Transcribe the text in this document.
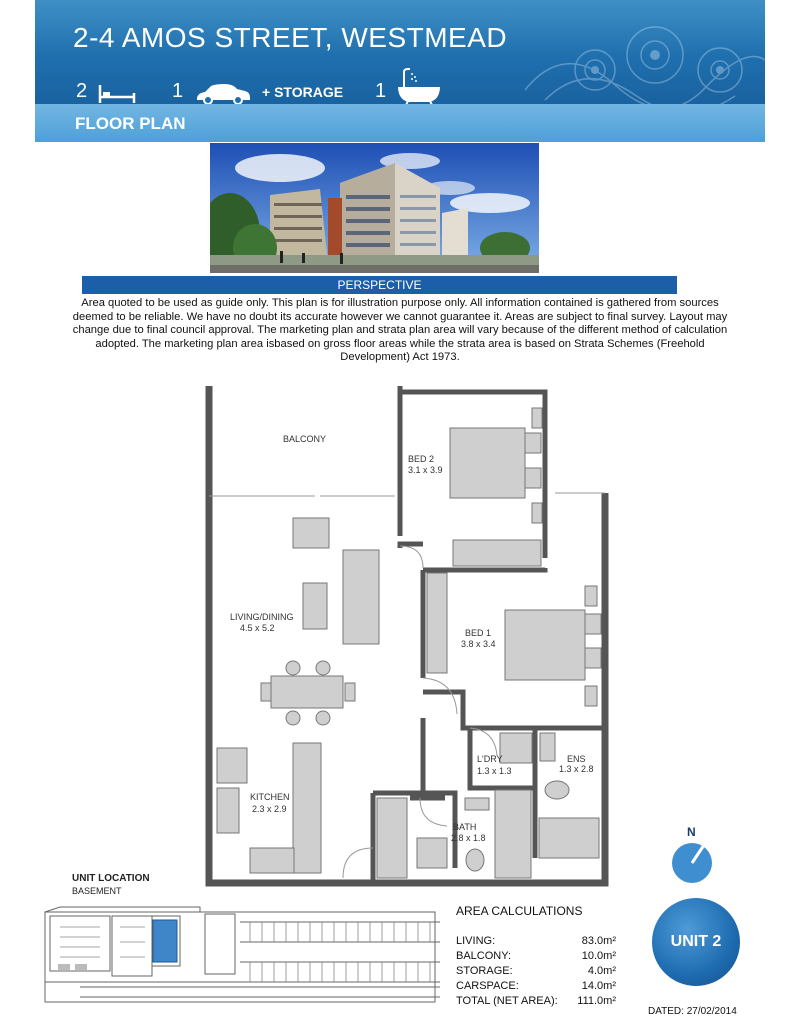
2-4 AMOS STREET, WESTMEAD
2	1	+ STORAGE 1
FLOOR PLAN
PERSPECTIVE
Area quoted to be used as guide only. This plan is for illustration purpose only. All information contained is gathered from sources deemed to be reliable. We have no doubt its accurate however we cannot guarantee it. Areas are subject to final survey. Layout may change due to final council approval. The marketing plan and strata plan area will vary because of the different method of calculation adopted. The marketing plan area isbased on gross floor areas while the strata area is based on Strata Schemes (Freehold Development) Act 1973.
BALCONY
BED 2
3.1 x 3.9
LIVING/DINING
4.5 x 5.2	BED 1
3.8 x 3.4
L'DRY
1.3 x 1.3
ENS
1.3 x 2.8
KITCHEN
2.3 x 2.9
BATH
2.8 x 1.8	N
UNIT LOCATION
BASEMENT
AREA CALCULATIONS
LIVING:	83.0m²
BALCONY:	10.0m²
STORAGE:	4.0m²
CARSPACE:	14.0m²
TOTAL (NET AREA): 111.0m²
UNIT 2
DATED: 27/02/2014
